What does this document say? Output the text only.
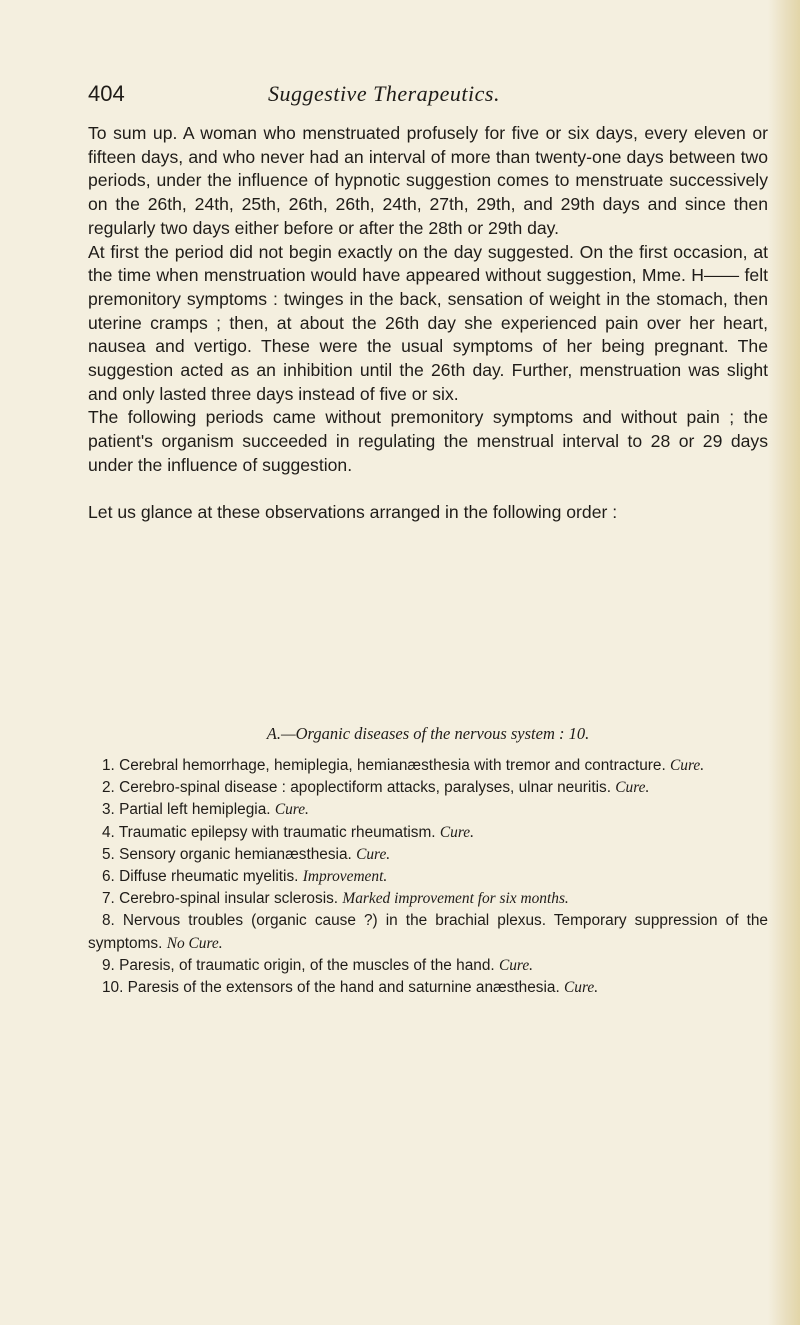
404	Suggestive Therapeutics.

To sum up. A woman who menstruated profusely for five or six days, every eleven or fifteen days, and who never had an interval of more than twenty-one days between two periods, under the influence of hypnotic suggestion comes to menstruate successively on the 26th, 24th, 25th, 26th, 26th, 24th, 27th, 29th, and 29th days and since then regularly two days either before or after the 28th or 29th day.

At first the period did not begin exactly on the day suggested. On the first occasion, at the time when menstruation would have appeared without suggestion, Mme. H—— felt premonitory symptoms : twinges in the back, sensation of weight in the stomach, then uterine cramps ; then, at about the 26th day she experienced pain over her heart, nausea and vertigo. These were the usual symptoms of her being pregnant. The suggestion acted as an inhibition until the 26th day. Further, menstruation was slight and only lasted three days instead of five or six.

The following periods came without premonitory symptoms and without pain ; the patient's organism succeeded in regulating the menstrual interval to 28 or 29 days under the influence of suggestion.

Let us glance at these observations arranged in the following order :

A.—Organic diseases of the nervous system : 10.
1. Cerebral hemorrhage, hemiplegia, hemianæsthesia with tremor and contracture. Cure.
2. Cerebro-spinal disease : apoplectiform attacks, paralyses, ulnar neuritis. Cure.
3. Partial left hemiplegia. Cure.
4. Traumatic epilepsy with traumatic rheumatism. Cure.
5. Sensory organic hemianæsthesia. Cure.
6. Diffuse rheumatic myelitis. Improvement.
7. Cerebro-spinal insular sclerosis. Marked improvement for six months.
8. Nervous troubles (organic cause ?) in the brachial plexus. Temporary suppression of the symptoms. No Cure.
9. Paresis, of traumatic origin, of the muscles of the hand. Cure.
10. Paresis of the extensors of the hand and saturnine anæsthesia. Cure.
